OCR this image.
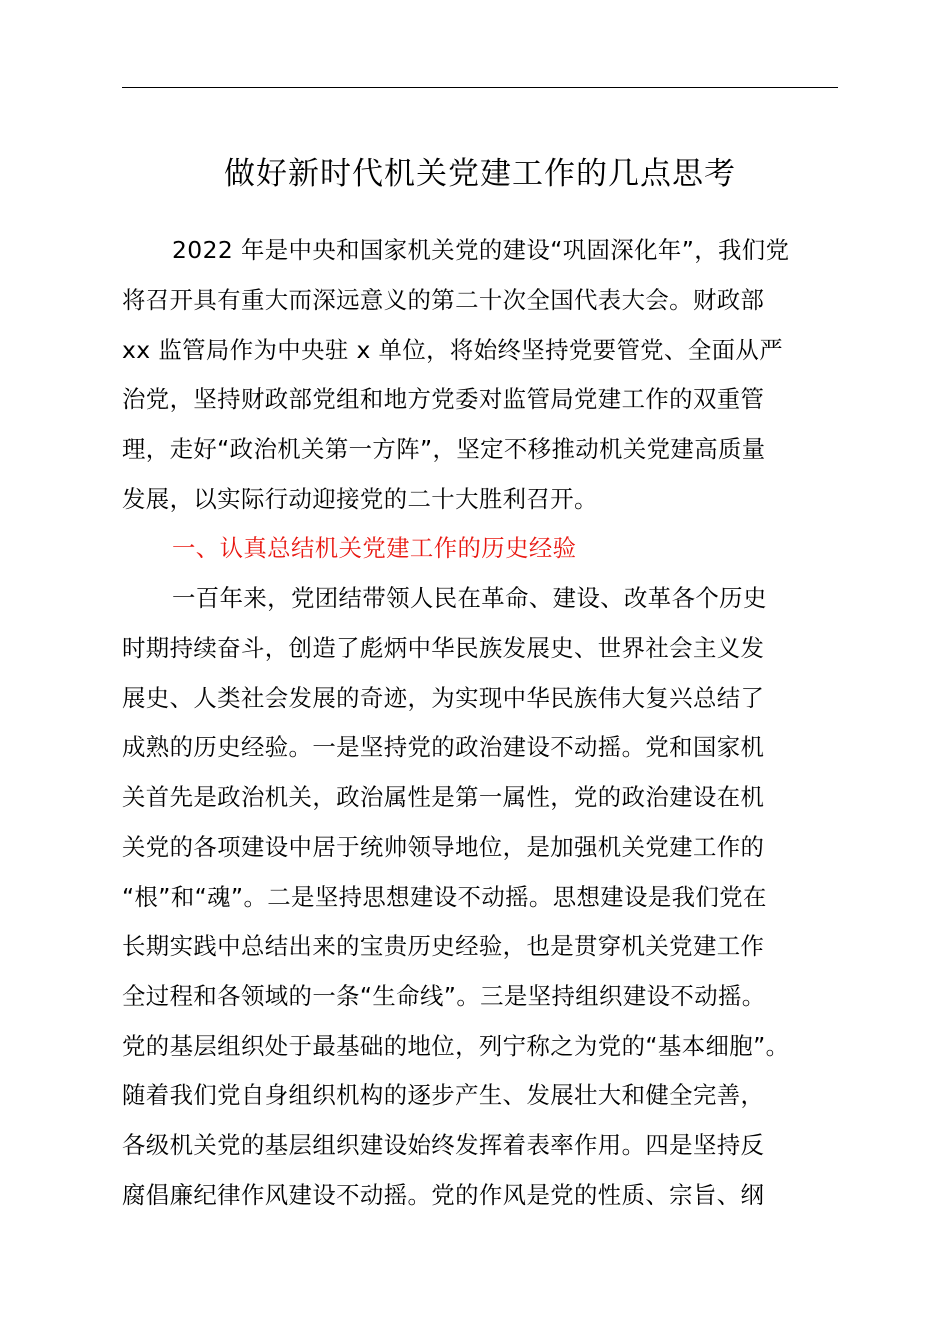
做好新时代机关党建工作的几点思考
2022 年是中央和国家机关党的建设“巩固深化年”，我们党
将召开具有重大而深远意义的第二十次全国代表大会。财政部
xx 监管局作为中央驻 x 单位，将始终坚持党要管党、全面从严
治党，坚持财政部党组和地方党委对监管局党建工作的双重管
理，走好“政治机关第一方阵”，坚定不移推动机关党建高质量
发展，以实际行动迎接党的二十大胜利召开。
一、认真总结机关党建工作的历史经验
一百年来，党团结带领人民在革命、建设、改革各个历史
时期持续奋斗，创造了彪炳中华民族发展史、世界社会主义发
展史、人类社会发展的奇迹，为实现中华民族伟大复兴总结了
成熟的历史经验。一是坚持党的政治建设不动摇。党和国家机
关首先是政治机关，政治属性是第一属性，党的政治建设在机
关党的各项建设中居于统帅领导地位，是加强机关党建工作的
“根”和“魂”。二是坚持思想建设不动摇。思想建设是我们党在
长期实践中总结出来的宝贵历史经验，也是贯穿机关党建工作
全过程和各领域的一条“生命线”。三是坚持组织建设不动摇。
党的基层组织处于最基础的地位，列宁称之为党的“基本细胞”。
随着我们党自身组织机构的逐步产生、发展壮大和健全完善，
各级机关党的基层组织建设始终发挥着表率作用。四是坚持反
腐倡廉纪律作风建设不动摇。党的作风是党的性质、宗旨、纲
